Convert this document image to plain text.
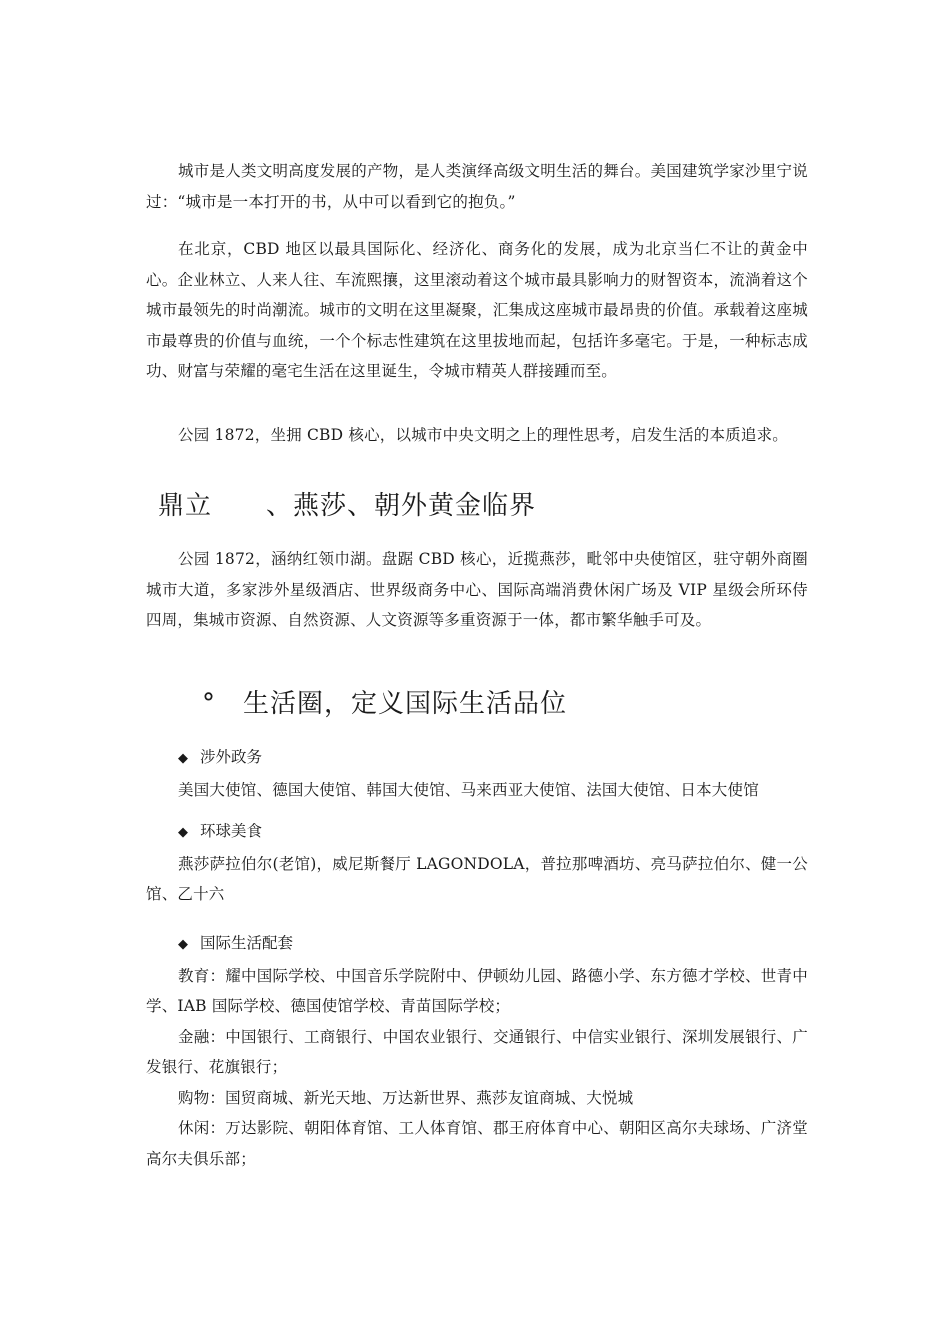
城市是人类文明高度发展的产物，是人类演绎高级文明生活的舞台。美国建筑学家沙里宁说过：“城市是一本打开的书，从中可以看到它的抱负。”

在北京，CBD 地区以最具国际化、经济化、商务化的发展，成为北京当仁不让的黄金中心。企业林立、人来人往、车流熙攘，这里滚动着这个城市最具影响力的财智资本，流淌着这个城市最领先的时尚潮流。城市的文明在这里凝聚，汇集成这座城市最昂贵的价值。承载着这座城市最尊贵的价值与血统，一个个标志性建筑在这里拔地而起，包括许多毫宅。于是，一种标志成功、财富与荣耀的毫宅生活在这里诞生，令城市精英人群接踵而至。

公园 1872，坐拥 CBD 核心，以城市中央文明之上的理性思考，启发生活的本质追求。

鼎立　　、燕莎、朝外黄金临界

公园 1872，涵纳红领巾湖。盘踞 CBD 核心，近揽燕莎，毗邻中央使馆区，驻守朝外商圈城市大道，多家涉外星级酒店、世界级商务中心、国际高端消费休闲广场及 VIP 星级会所环侍四周，集城市资源、自然资源、人文资源等多重资源于一体，都市繁华触手可及。

°　生活圈，定义国际生活品位

◆ 涉外政务

美国大使馆、德国大使馆、韩国大使馆、马来西亚大使馆、法国大使馆、日本大使馆

◆ 环球美食

燕莎萨拉伯尔(老馆)，威尼斯餐厅 LAGONDOLA，普拉那啤酒坊、亮马萨拉伯尔、健一公馆、乙十六

◆ 国际生活配套

教育：耀中国际学校、中国音乐学院附中、伊顿幼儿园、路德小学、东方德才学校、世青中学、IAB 国际学校、德国使馆学校、青苗国际学校；

金融：中国银行、工商银行、中国农业银行、交通银行、中信实业银行、深圳发展银行、广发银行、花旗银行；

购物：国贸商城、新光天地、万达新世界、燕莎友谊商城、大悦城

休闲：万达影院、朝阳体育馆、工人体育馆、郡王府体育中心、朝阳区高尔夫球场、广济堂高尔夫俱乐部；
